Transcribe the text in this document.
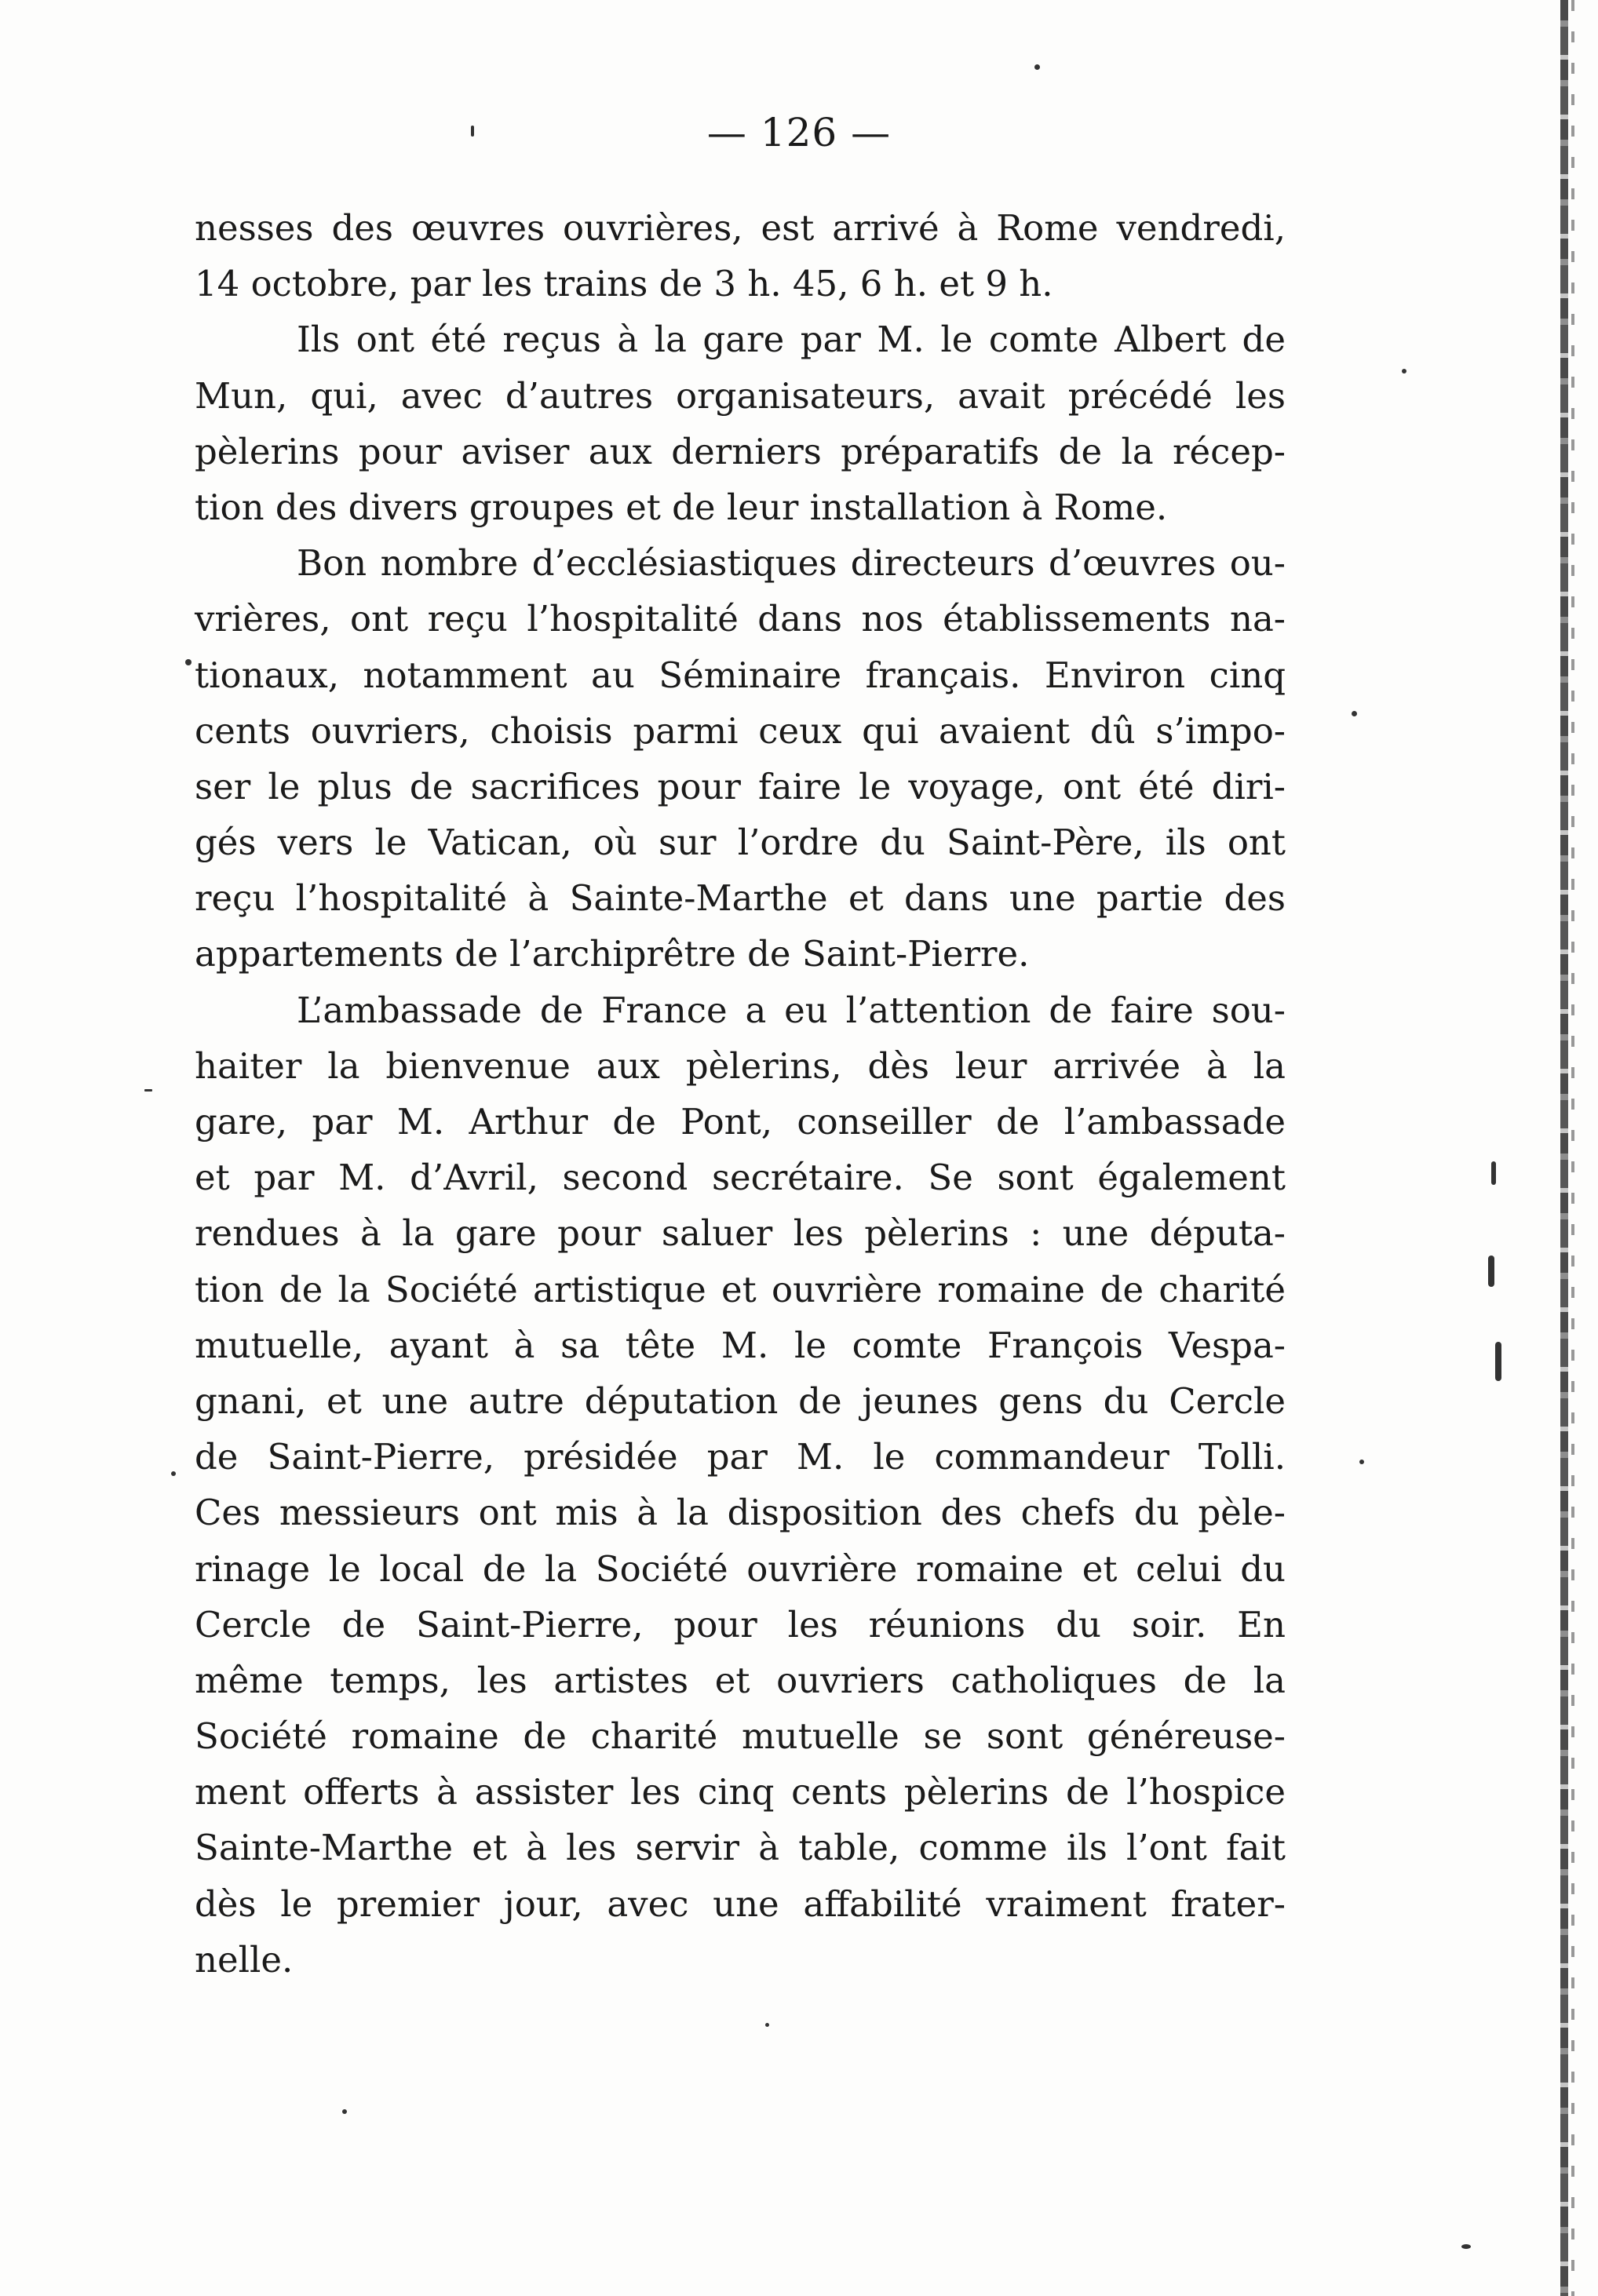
— 126 —
nesses des œuvres ouvrières, est arrivé à Rome vendredi,
14 octobre, par les trains de 3 h. 45, 6 h. et 9 h.
Ils ont été reçus à la gare par M. le comte Albert de
Mun, qui, avec d’autres organisateurs, avait précédé les
pèlerins pour aviser aux derniers préparatifs de la récep-
tion des divers groupes et de leur installation à Rome.
Bon nombre d’ecclésiastiques directeurs d’œuvres ou-
vrières, ont reçu l’hospitalité dans nos établissements na-
tionaux, notamment au Séminaire français. Environ cinq
cents ouvriers, choisis parmi ceux qui avaient dû s’impo-
ser le plus de sacrifices pour faire le voyage, ont été diri-
gés vers le Vatican, où sur l’ordre du Saint-Père, ils ont
reçu l’hospitalité à Sainte-Marthe et dans une partie des
appartements de l’archiprêtre de Saint-Pierre.
L’ambassade de France a eu l’attention de faire sou-
haiter la bienvenue aux pèlerins, dès leur arrivée à la
gare, par M. Arthur de Pont, conseiller de l’ambassade
et par M. d’Avril, second secrétaire. Se sont également
rendues à la gare pour saluer les pèlerins : une députa-
tion de la Société artistique et ouvrière romaine de charité
mutuelle, ayant à sa tête M. le comte François Vespa-
gnani, et une autre députation de jeunes gens du Cercle
de Saint-Pierre, présidée par M. le commandeur Tolli.
Ces messieurs ont mis à la disposition des chefs du pèle-
rinage le local de la Société ouvrière romaine et celui du
Cercle de Saint-Pierre, pour les réunions du soir. En
même temps, les artistes et ouvriers catholiques de la
Société romaine de charité mutuelle se sont généreuse-
ment offerts à assister les cinq cents pèlerins de l’hospice
Sainte-Marthe et à les servir à table, comme ils l’ont fait
dès le premier jour, avec une affabilité vraiment frater-
nelle.
